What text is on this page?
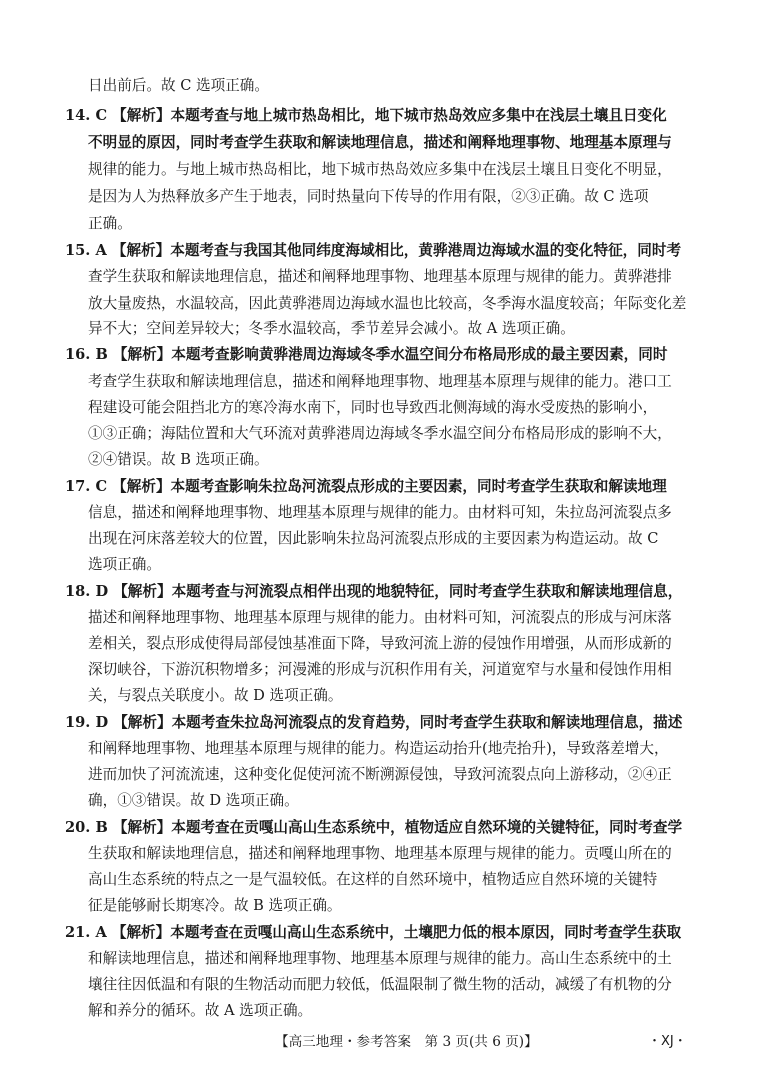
日出前后。故 C 选项正确。
14. C 【解析】本题考查与地上城市热岛相比，地下城市热岛效应多集中在浅层土壤且日变化
不明显的原因，同时考查学生获取和解读地理信息，描述和阐释地理事物、地理基本原理与
规律的能力。与地上城市热岛相比，地下城市热岛效应多集中在浅层土壤且日变化不明显，
是因为人为热释放多产生于地表，同时热量向下传导的作用有限，②③正确。故 C 选项
正确。
15. A 【解析】本题考查与我国其他同纬度海域相比，黄骅港周边海域水温的变化特征，同时考
查学生获取和解读地理信息，描述和阐释地理事物、地理基本原理与规律的能力。黄骅港排
放大量废热，水温较高，因此黄骅港周边海域水温也比较高，冬季海水温度较高；年际变化差
异不大；空间差异较大；冬季水温较高，季节差异会减小。故 A 选项正确。
16. B 【解析】本题考查影响黄骅港周边海域冬季水温空间分布格局形成的最主要因素，同时
考查学生获取和解读地理信息，描述和阐释地理事物、地理基本原理与规律的能力。港口工
程建设可能会阻挡北方的寒冷海水南下，同时也导致西北侧海域的海水受废热的影响小，
①③正确；海陆位置和大气环流对黄骅港周边海域冬季水温空间分布格局形成的影响不大，
②④错误。故 B 选项正确。
17. C 【解析】本题考查影响朱拉岛河流裂点形成的主要因素，同时考查学生获取和解读地理
信息，描述和阐释地理事物、地理基本原理与规律的能力。由材料可知，朱拉岛河流裂点多
出现在河床落差较大的位置，因此影响朱拉岛河流裂点形成的主要因素为构造运动。故 C
选项正确。
18. D 【解析】本题考查与河流裂点相伴出现的地貌特征，同时考查学生获取和解读地理信息，
描述和阐释地理事物、地理基本原理与规律的能力。由材料可知，河流裂点的形成与河床落
差相关，裂点形成使得局部侵蚀基准面下降，导致河流上游的侵蚀作用增强，从而形成新的
深切峡谷，下游沉积物增多；河漫滩的形成与沉积作用有关，河道宽窄与水量和侵蚀作用相
关，与裂点关联度小。故 D 选项正确。
19. D 【解析】本题考查朱拉岛河流裂点的发育趋势，同时考查学生获取和解读地理信息，描述
和阐释地理事物、地理基本原理与规律的能力。构造运动抬升(地壳抬升)，导致落差增大，
进而加快了河流流速，这种变化促使河流不断溯源侵蚀，导致河流裂点向上游移动，②④正
确，①③错误。故 D 选项正确。
20. B 【解析】本题考查在贡嘎山高山生态系统中，植物适应自然环境的关键特征，同时考查学
生获取和解读地理信息，描述和阐释地理事物、地理基本原理与规律的能力。贡嘎山所在的
高山生态系统的特点之一是气温较低。在这样的自然环境中，植物适应自然环境的关键特
征是能够耐长期寒冷。故 B 选项正确。
21. A 【解析】本题考查在贡嘎山高山生态系统中，土壤肥力低的根本原因，同时考查学生获取
和解读地理信息，描述和阐释地理事物、地理基本原理与规律的能力。高山生态系统中的土
壤往往因低温和有限的生物活动而肥力较低，低温限制了微生物的活动，减缓了有机物的分
解和养分的循环。故 A 选项正确。
【高三地理・参考答案　第 3 页(共 6 页)】	・XJ・
